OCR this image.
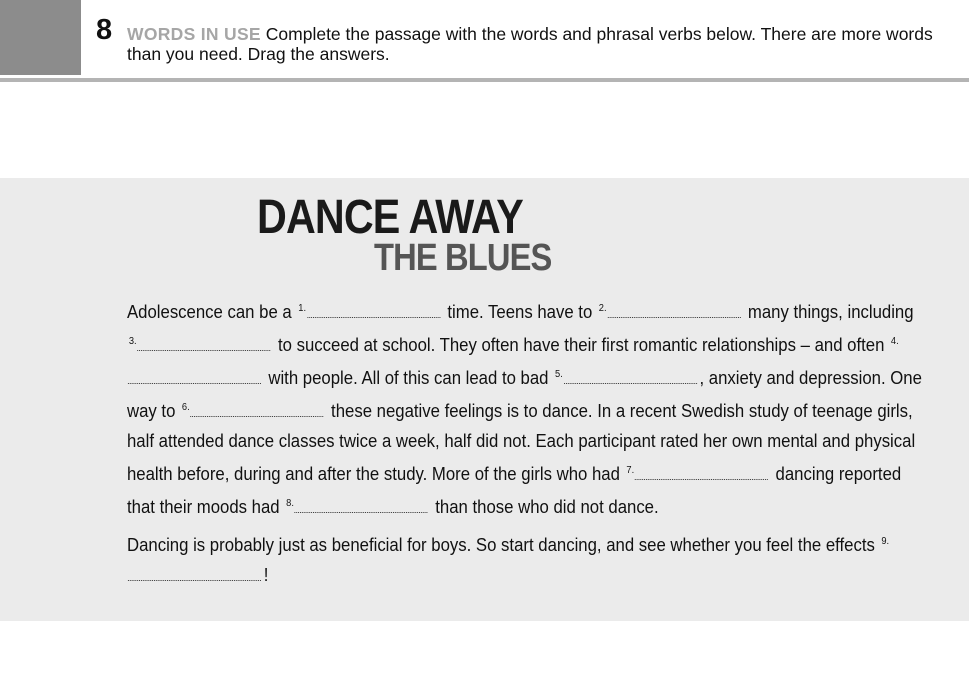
8 WORDS IN USE Complete the passage with the words and phrasal verbs below. There are more words than you need. Drag the answers.
DANCE AWAY
THE BLUES

Adolescence can be a $^{1.}$	time. Teens have to $^{2.}$	many things, including $^{3.}$	to succeed at school. They often have their first romantic relationships – and often $^{4.}$ with people. All of this can lead to bad $^{5.}$	, anxiety and depression. One way to $^{6.}$	these negative feelings is to dance. In a recent Swedish study of teenage girls, half attended dance classes twice a week, half did not. Each participant rated her own mental and physical health before, during and after the study. More of the girls who had $^{7.}$	dancing reported that their moods had $^{8.}$	than those who did not dance.

Dancing is probably just as beneficial for boys. So start dancing, and see whether you feel the effects $^{9.}$!
